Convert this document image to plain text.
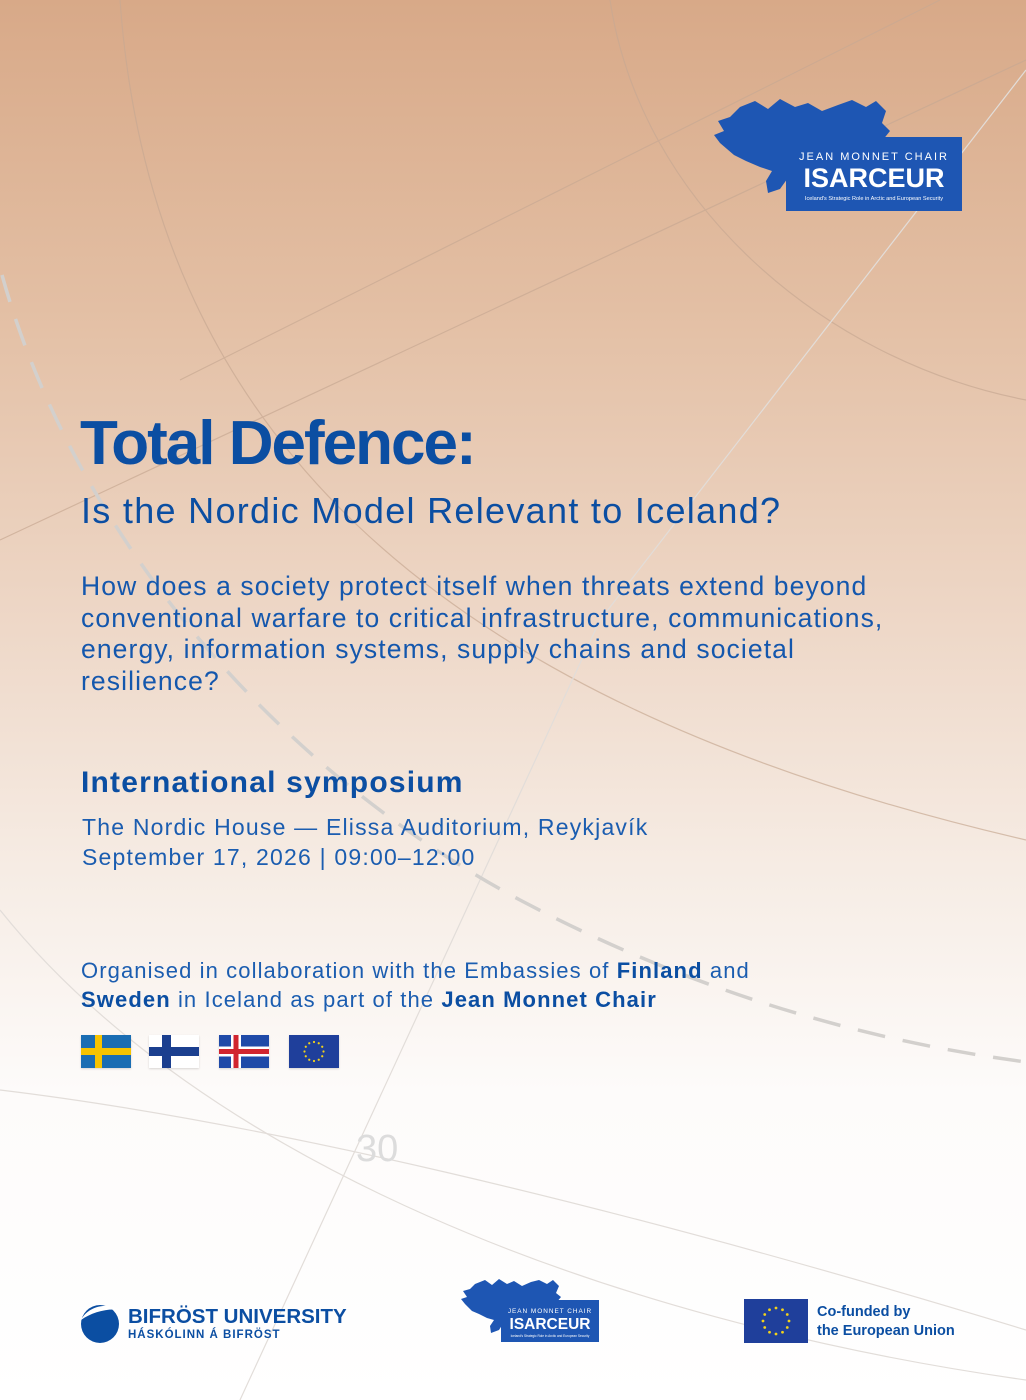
JEAN MONNET CHAIR
ISARCEUR
Iceland's Strategic Role in Arctic and European Security
Total Defence:
Is the Nordic Model Relevant to Iceland?
How does a society protect itself when threats extend beyond conventional warfare to critical infrastructure, communications, energy, information systems, supply chains and societal resilience?
International symposium
The Nordic House — Elissa Auditorium, Reykjavík
September 17, 2026 | 09:00–12:00
Organised in collaboration with the Embassies of Finland and
Sweden in Iceland as part of the Jean Monnet Chair
30
BIFRÖST UNIVERSITY
HÁSKÓLINN Á BIFRÖST
JEAN MONNET CHAIR
ISARCEUR
Iceland's Strategic Role in Arctic and European Security
Co-funded by
the European Union
